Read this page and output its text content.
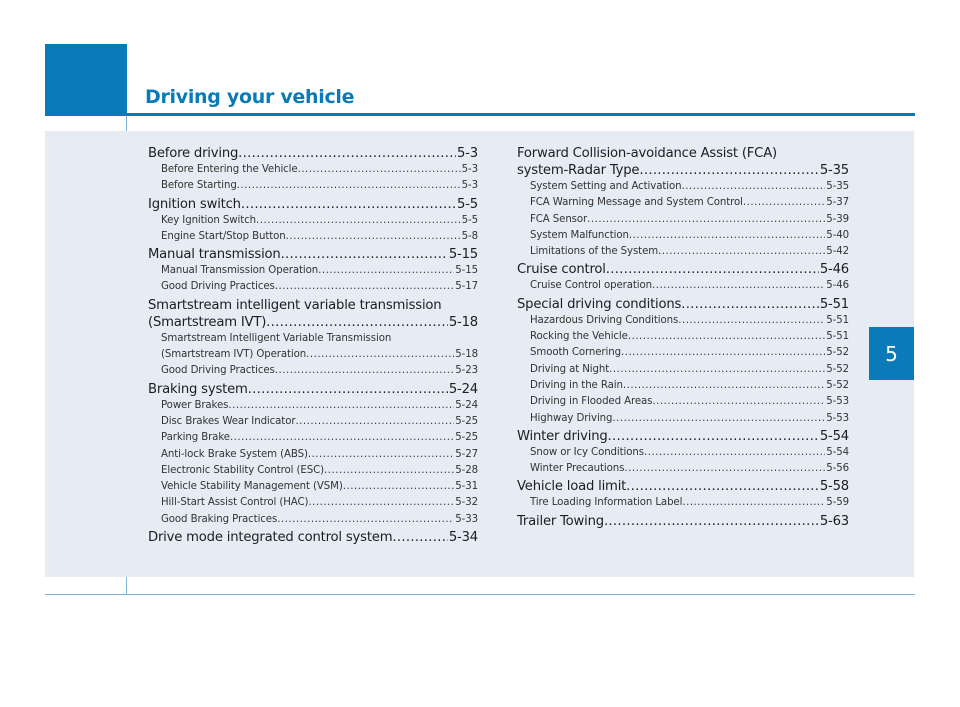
Driving your vehicle
5
Before driving .....	5-3
Before Entering the Vehicle .....	5-3
Before Starting .....	5-3
Ignition switch .....	5-5
Key Ignition Switch .....	5-5
Engine Start/Stop Button .....	5-8
Manual transmission .....	5-15
Manual Transmission Operation .....	5-15
Good Driving Practices .....	5-17
Smartstream intelligent variable transmission
(Smartstream IVT) .....	5-18
Smartstream Intelligent Variable Transmission
(Smartstream IVT) Operation .....	5-18
Good Driving Practices .....	5-23
Braking system .....	5-24
Power Brakes .....	5-24
Disc Brakes Wear Indicator .....	5-25
Parking Brake .....	5-25
Anti-lock Brake System (ABS) .....	5-27
Electronic Stability Control (ESC) .....	5-28
Vehicle Stability Management (VSM) .....	5-31
Hill-Start Assist Control (HAC) .....	5-32
Good Braking Practices .....	5-33
Drive mode integrated control system .....	5-34
Forward Collision-avoidance Assist (FCA)
system-Radar Type .....	5-35
System Setting and Activation .....	5-35
FCA Warning Message and System Control .....	5-37
FCA Sensor .....	5-39
System Malfunction .....	5-40
Limitations of the System .....	5-42
Cruise control .....	5-46
Cruise Control operation .....	5-46
Special driving conditions .....	5-51
Hazardous Driving Conditions .....	5-51
Rocking the Vehicle .....	5-51
Smooth Cornering .....	5-52
Driving at Night .....	5-52
Driving in the Rain .....	5-52
Driving in Flooded Areas .....	5-53
Highway Driving .....	5-53
Winter driving .....	5-54
Snow or Icy Conditions .....	5-54
Winter Precautions .....	5-56
Vehicle load limit .....	5-58
Tire Loading Information Label .....	5-59
Trailer Towing .....	5-63
